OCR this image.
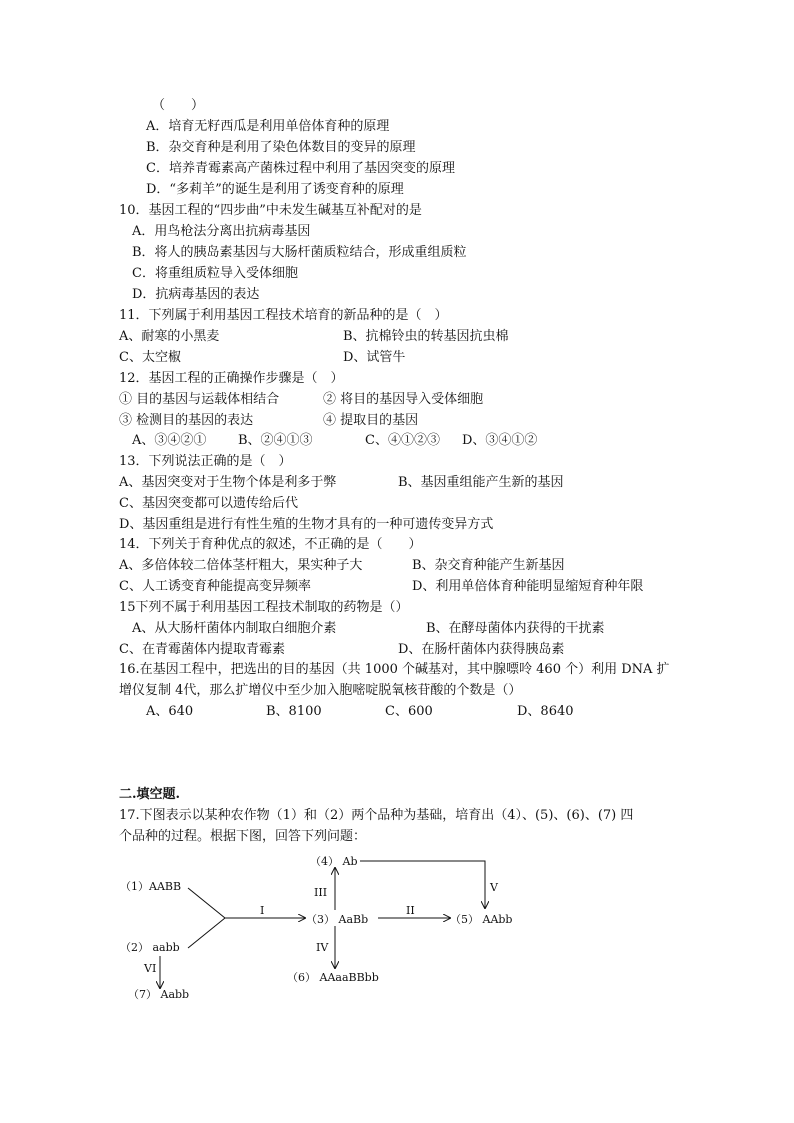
（　　）
A．培育无籽西瓜是利用单倍体育种的原理
B．杂交育种是利用了染色体数目的变异的原理
C．培养青霉素高产菌株过程中利用了基因突变的原理
D．“多莉羊”的诞生是利用了诱变育种的原理
10．基因工程的“四步曲”中未发生碱基互补配对的是
A．用鸟枪法分离出抗病毒基因
B．将人的胰岛素基因与大肠杆菌质粒结合，形成重组质粒
C．将重组质粒导入受体细胞
D．抗病毒基因的表达
11．下列属于利用基因工程技术培育的新品种的是（　）
A、耐寒的小黑麦	B、抗棉铃虫的转基因抗虫棉
C、太空椒	D、试管牛
12．基因工程的正确操作步骤是（　）
① 目的基因与运载体相结合	② 将目的基因导入受体细胞
③ 检测目的基因的表达	④ 提取目的基因
A、③④②① B、②④①③	C、④①②③ D、③④①②
13．下列说法正确的是（　）
A、基因突变对于生物个体是利多于弊	B、基因重组能产生新的基因
C、基因突变都可以遗传给后代
D、基因重组是进行有性生殖的生物才具有的一种可遗传变异方式
14．下列关于育种优点的叙述，不正确的是（　　）
A、多倍体较二倍体茎杆粗大，果实种子大	B、杂交育种能产生新基因
C、人工诱变育种能提高变异频率	D、利用单倍体育种能明显缩短育种年限
15下列不属于利用基因工程技术制取的药物是（）
A、从大肠杆菌体内制取白细胞介素	B、在酵母菌体内获得的干扰素
C、在青霉菌体内提取青霉素	D、在肠杆菌体内获得胰岛素
16.在基因工程中，把选出的目的基因（共 1000 个碱基对，其中腺嘌呤 460 个）利用 DNA 扩
增仪复制 4代，那么扩增仪中至少加入胞嘧啶脱氧核苷酸的个数是（）
A、640	B、8100	C、600	D、8640
二.填空题.
17.下图表示以某种农作物（1）和（2）两个品种为基础，培育出（4）、(5)、(6)、(7) 四
个品种的过程。根据下图，回答下列问题：
（1）AABB
（2） aabb
（3） AaBb
（4） Ab
（5） AAbb
（6） AAaaBBbb
（7） Aabb
I	II
III
IV
V
VI
